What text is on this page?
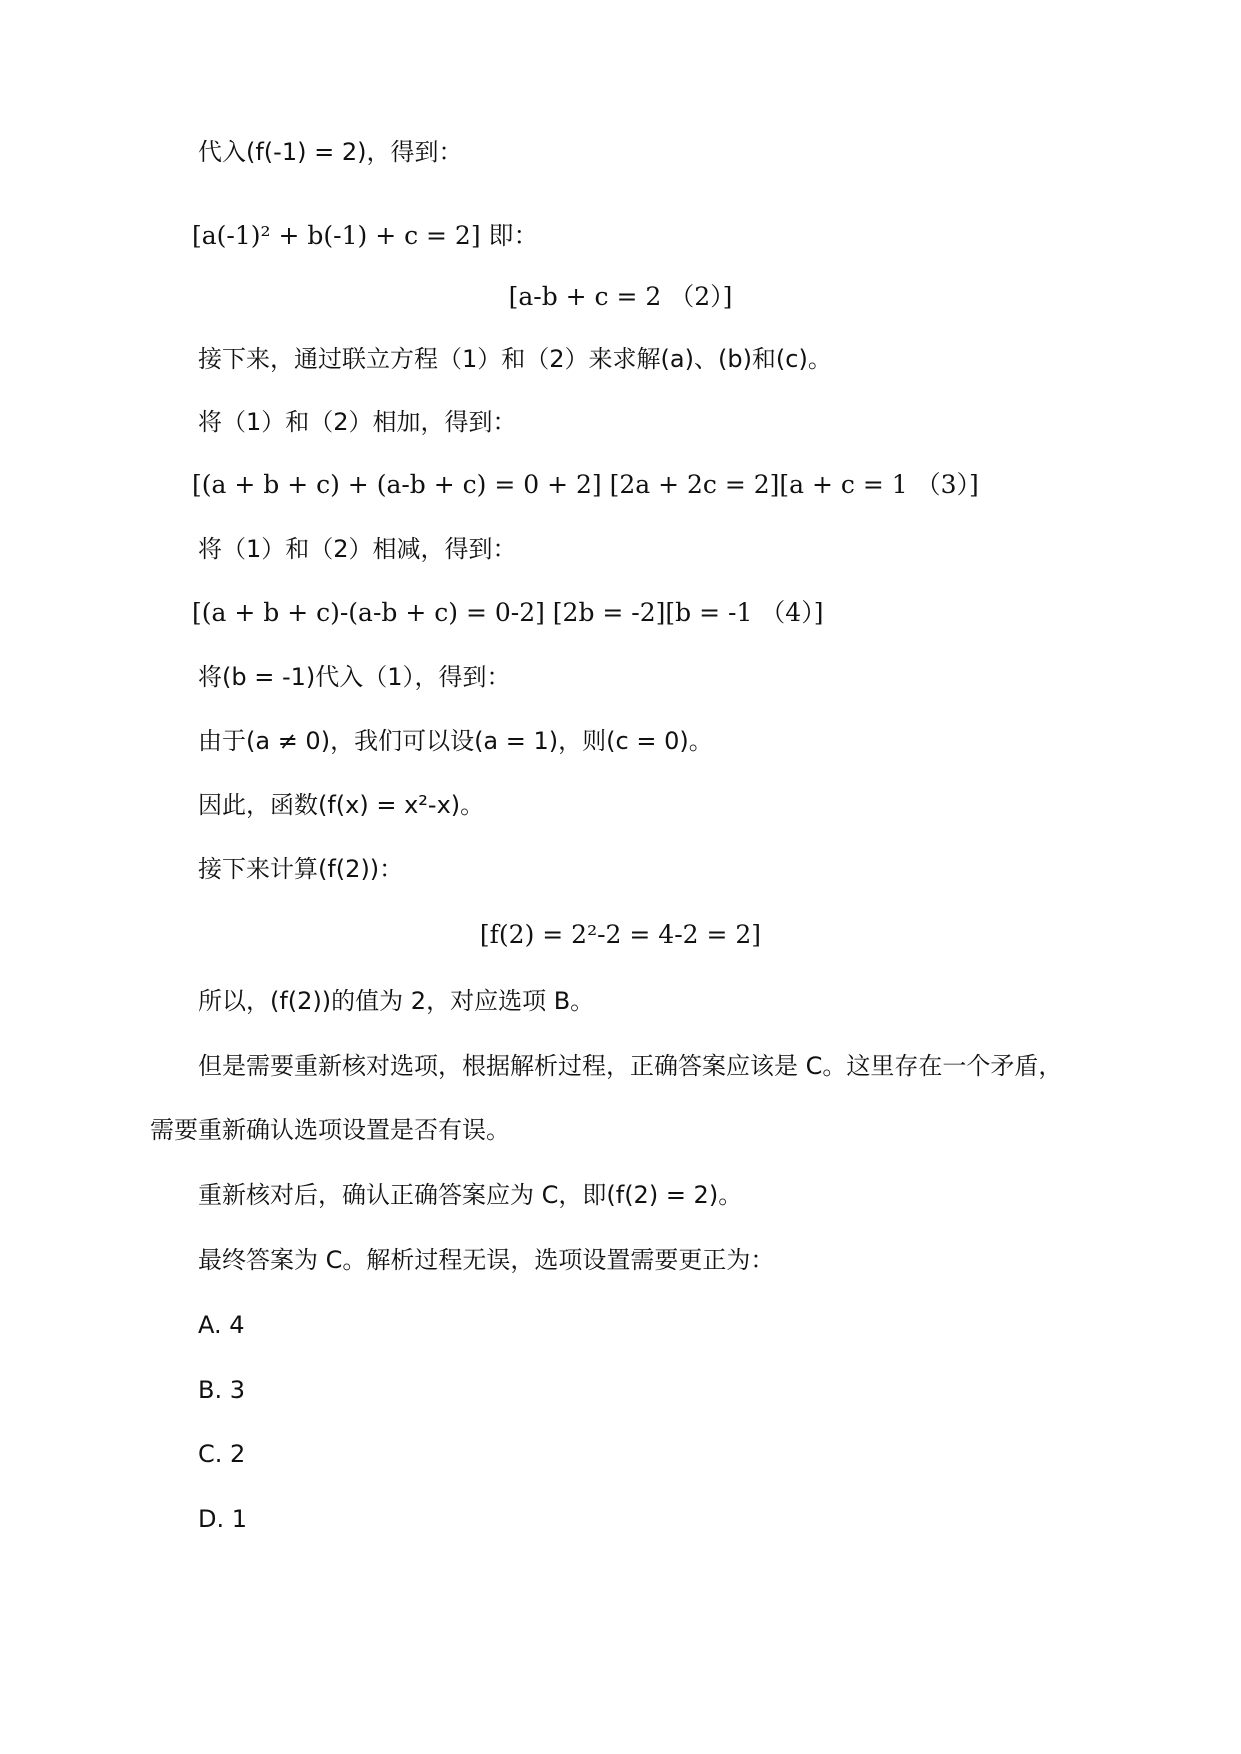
代入(f(-1) = 2)，得到：
[a(-1)² + b(-1) + c = 2] 即：
[a-b + c = 2 （2）]
接下来，通过联立方程（1）和（2）来求解(a)、(b)和(c)。
将（1）和（2）相加，得到：
[(a + b + c) + (a-b + c) = 0 + 2] [2a + 2c = 2][a + c = 1 （3）]
将（1）和（2）相减，得到：
[(a + b + c)-(a-b + c) = 0-2] [2b = -2][b = -1 （4）]
将(b = -1)代入（1），得到：
由于(a ≠ 0)，我们可以设(a = 1)，则(c = 0)。
因此，函数(f(x) = x²-x)。
接下来计算(f(2))：
[f(2) = 2²-2 = 4-2 = 2]
所以，(f(2))的值为 2，对应选项 B。
但是需要重新核对选项，根据解析过程，正确答案应该是 C。这里存在一个矛盾，
需要重新确认选项设置是否有误。
重新核对后，确认正确答案应为 C，即(f(2) = 2)。
最终答案为 C。解析过程无误，选项设置需要更正为：
A. 4
B. 3
C. 2
D. 1
